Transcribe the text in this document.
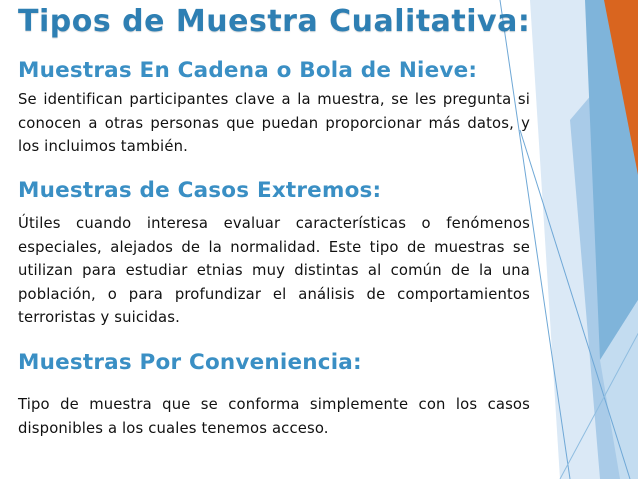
Tipos de Muestra Cualitativa:
Muestras En Cadena o Bola de Nieve:
Se identifican participantes clave a la muestra, se les pregunta si conocen a otras personas que puedan proporcionar más datos, y los incluimos también.
Muestras de Casos Extremos:
Útiles cuando interesa evaluar características o fenómenos especiales, alejados de la normalidad. Este tipo de muestras se utilizan para estudiar etnias muy distintas al común de la una población, o para profundizar el análisis de comportamientos terroristas y suicidas.
Muestras Por Conveniencia:
Tipo de muestra que se conforma simplemente con los casos disponibles a los cuales tenemos acceso.
